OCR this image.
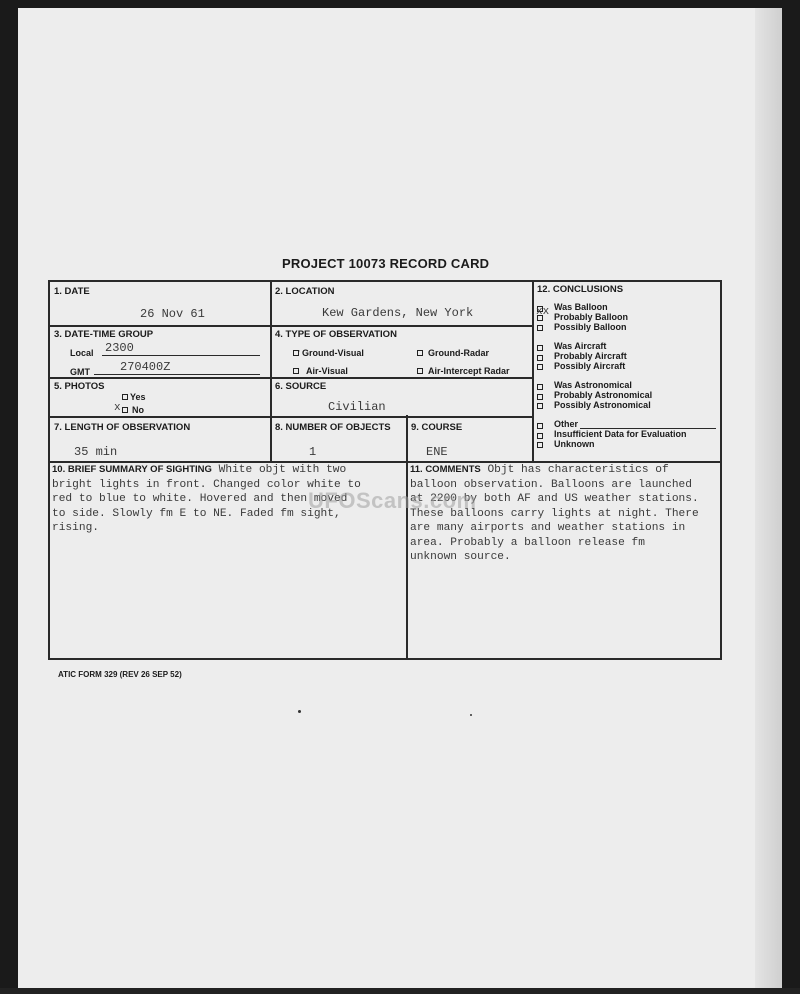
PROJECT 10073 RECORD CARD
1. DATE
26 Nov 61
2. LOCATION
Kew Gardens, New York
3. DATE-TIME GROUP
Local 2300
GMT	270400Z
4. TYPE OF OBSERVATION
· Ground-Visual	Ground-Radar
Air-Visual	Air-Intercept Radar
5. PHOTOS
Yes
x No
6. SOURCE
Civilian
7. LENGTH OF OBSERVATION
35 min
8. NUMBER OF OBJECTS
1
9. COURSE
ENE
12. CONCLUSIONS
Was Balloon
xx Probably Balloon
Possibly Balloon
Was Aircraft
Probably Aircraft
Possibly Aircraft
Was Astronomical
Probably Astronomical
Possibly Astronomical
Other
Insufficient Data for Evaluation
Unknown
10. BRIEF SUMMARY OF SIGHTING White objt with two
bright lights in front. Changed color white to
red to blue to white. Hovered and then moved
to side. Slowly fm E to NE. Faded fm sight,
rising.
11. COMMENTS Objt has characteristics of
balloon observation. Balloons are launched
at 2200 by both AF and US weather stations.
These balloons carry lights at night. There
are many airports and weather stations in
area. Probably a balloon release fm
unknown source.
UFOScans.com
ATIC FORM 329 (REV 26 SEP 52)
